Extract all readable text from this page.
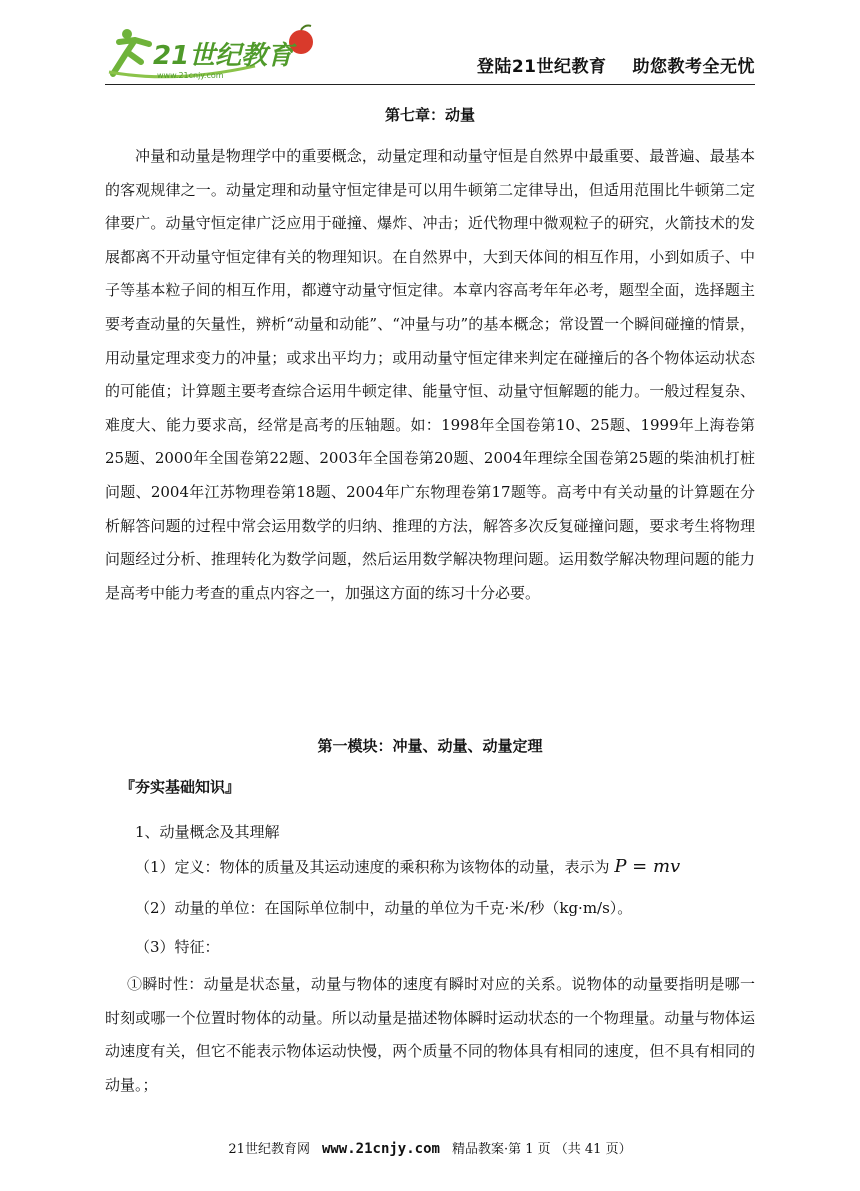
21世纪教育
www.21cnjy.com	登陆21世纪教育 助您教考全无忧
第七章：动量

冲量和动量是物理学中的重要概念，动量定理和动量守恒是自然界中最重要、最普遍、最基本的客观规律之一。动量定理和动量守恒定律是可以用牛顿第二定律导出，但适用范围比牛顿第二定律要广。动量守恒定律广泛应用于碰撞、爆炸、冲击；近代物理中微观粒子的研究，火箭技术的发展都离不开动量守恒定律有关的物理知识。在自然界中，大到天体间的相互作用，小到如质子、中子等基本粒子间的相互作用，都遵守动量守恒定律。本章内容高考年年必考，题型全面，选择题主要考查动量的矢量性，辨析“动量和动能”、“冲量与功”的基本概念；常设置一个瞬间碰撞的情景，用动量定理求变力的冲量；或求出平均力；或用动量守恒定律来判定在碰撞后的各个物体运动状态的可能值；计算题主要考查综合运用牛顿定律、能量守恒、动量守恒解题的能力。一般过程复杂、难度大、能力要求高，经常是高考的压轴题。如：1998年全国卷第10、25题、1999年上海卷第25题、2000年全国卷第22题、2003年全国卷第20题、2004年理综全国卷第25题的柴油机打桩问题、2004年江苏物理卷第18题、2004年广东物理卷第17题等。高考中有关动量的计算题在分析解答问题的过程中常会运用数学的归纳、推理的方法，解答多次反复碰撞问题，要求考生将物理问题经过分析、推理转化为数学问题，然后运用数学解决物理问题。运用数学解决物理问题的能力是高考中能力考查的重点内容之一，加强这方面的练习十分必要。

第一模块：冲量、动量、动量定理
『夯实基础知识』
1、动量概念及其理解
（1）定义：物体的质量及其运动速度的乘积称为该物体的动量，表示为 P = mv
（2）动量的单位：在国际单位制中，动量的单位为千克·米/秒（kg·m/s）。
（3）特征：

①瞬时性：动量是状态量，动量与物体的速度有瞬时对应的关系。说物体的动量要指明是哪一时刻或哪一个位置时物体的动量。所以动量是描述物体瞬时运动状态的一个物理量。动量与物体运动速度有关，但它不能表示物体运动快慢，两个质量不同的物体具有相同的速度，但不具有相同的动量。；

21世纪教育网 www.21cnjy.com 精品教案·第 1 页 （共 41 页）
